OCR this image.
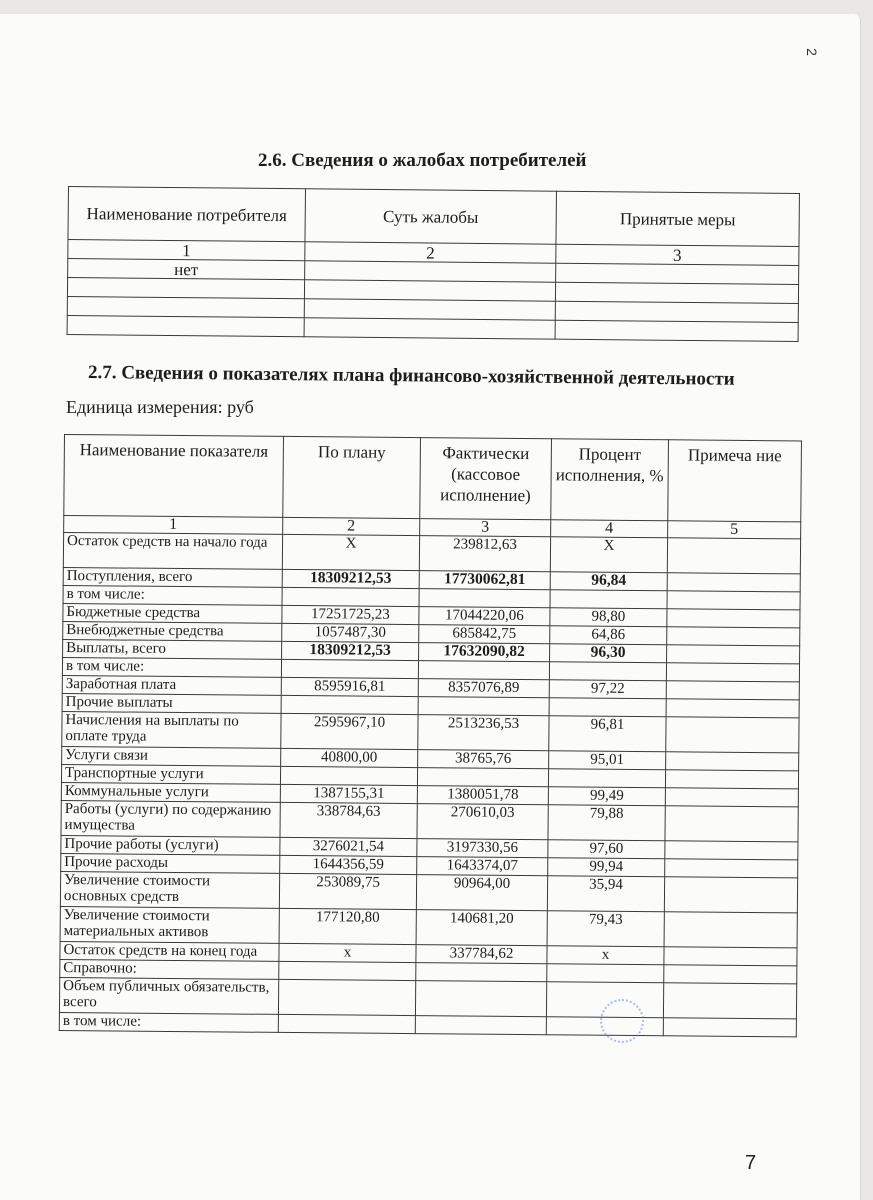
2
2.6. Сведения о жалобах потребителей
Наименование потребителя	Суть жалобы	Принятые меры
1	2	3
нет		

2.7. Сведения о показателях плана финансово-хозяйственной деятельности
Единица измерения: руб
Наименование показателя	По плану	Фактически (кассовое исполнение)	Процент исполнения, %	Примеча ние
1	2	3	4	5
Остаток средств на начало года	Х	239812,63	Х	
Поступления, всего	18309212,53	17730062,81	96,84	
в том числе:				
Бюджетные средства	17251725,23	17044220,06	98,80	
Внебюджетные средства	1057487,30	685842,75	64,86	
Выплаты, всего	18309212,53	17632090,82	96,30	
в том числе:				
Заработная плата	8595916,81	8357076,89	97,22	
Прочие выплаты				
Начисления на выплаты по оплате труда	2595967,10	2513236,53	96,81	
Услуги связи	40800,00	38765,76	95,01	
Транспортные услуги				
Коммунальные услуги	1387155,31	1380051,78	99,49	
Работы (услуги) по содержанию имущества	338784,63	270610,03	79,88	
Прочие работы (услуги)	3276021,54	3197330,56	97,60	
Прочие расходы	1644356,59	1643374,07	99,94	
Увеличение стоимости основных средств	253089,75	90964,00	35,94	
Увеличение стоимости материальных активов	177120,80	140681,20	79,43	
Остаток средств на конец года	х	337784,62	х	
Справочно:				
Объем публичных обязательств, всего				
в том числе:				
7
